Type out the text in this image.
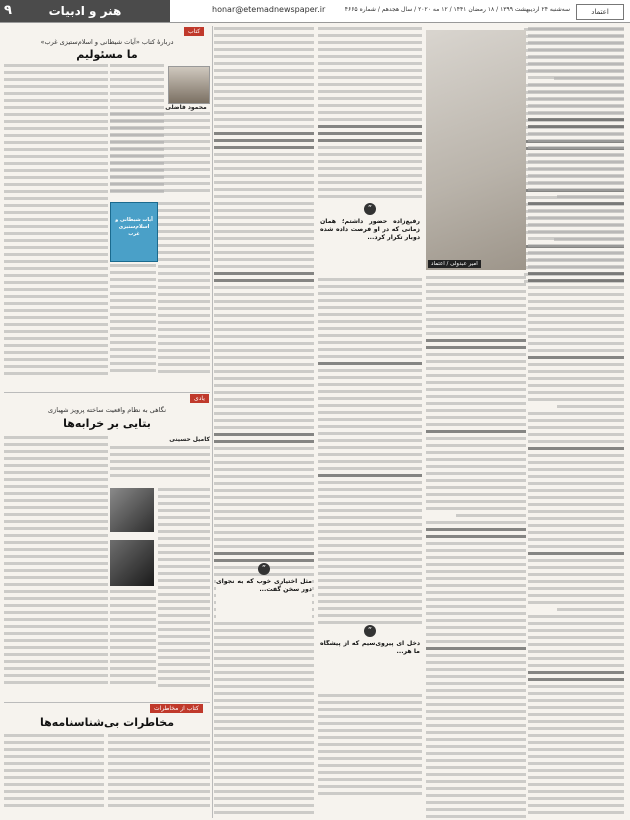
هنر و ادبیات
۹	honar@etemadnewspaper.ir	سه‌شنبه ۲۴ اردیبهشت ۱۳۹۹ / ۱۸ رمضان ۱۴۴۱ / ۱۲ مه ۲۰۲۰ / سال هجدهم / شماره ۴۶۶۵	اعتماد
امیر عبدولی / اعتماد
”
رفیع‌زاده حضور داشتم؛ همان زمانی که در او فرصت داده شده دوبار تکرار کرد...
”
دخل ای پیروی‌سیم که از پیشگاه ما هر...
”
مثل اختیاری خوب که به نجوای دور سخن گفت...
کتاب
دربارهٔ کتاب «آیات شیطانی و اسلام‌ستیزی غرب»
ما مسئولیم
محمود فاضلی
آیات شیطانی و اسلام‌ستیزی غرب
یادی
نگاهی به نظام واقعیت ساخته پرویز شهبازی
بتایی بر خرابه‌ها
کامیل حسینی
کتاب از مخاطرات
مخاطرات بی‌شناسنامه‌ها
